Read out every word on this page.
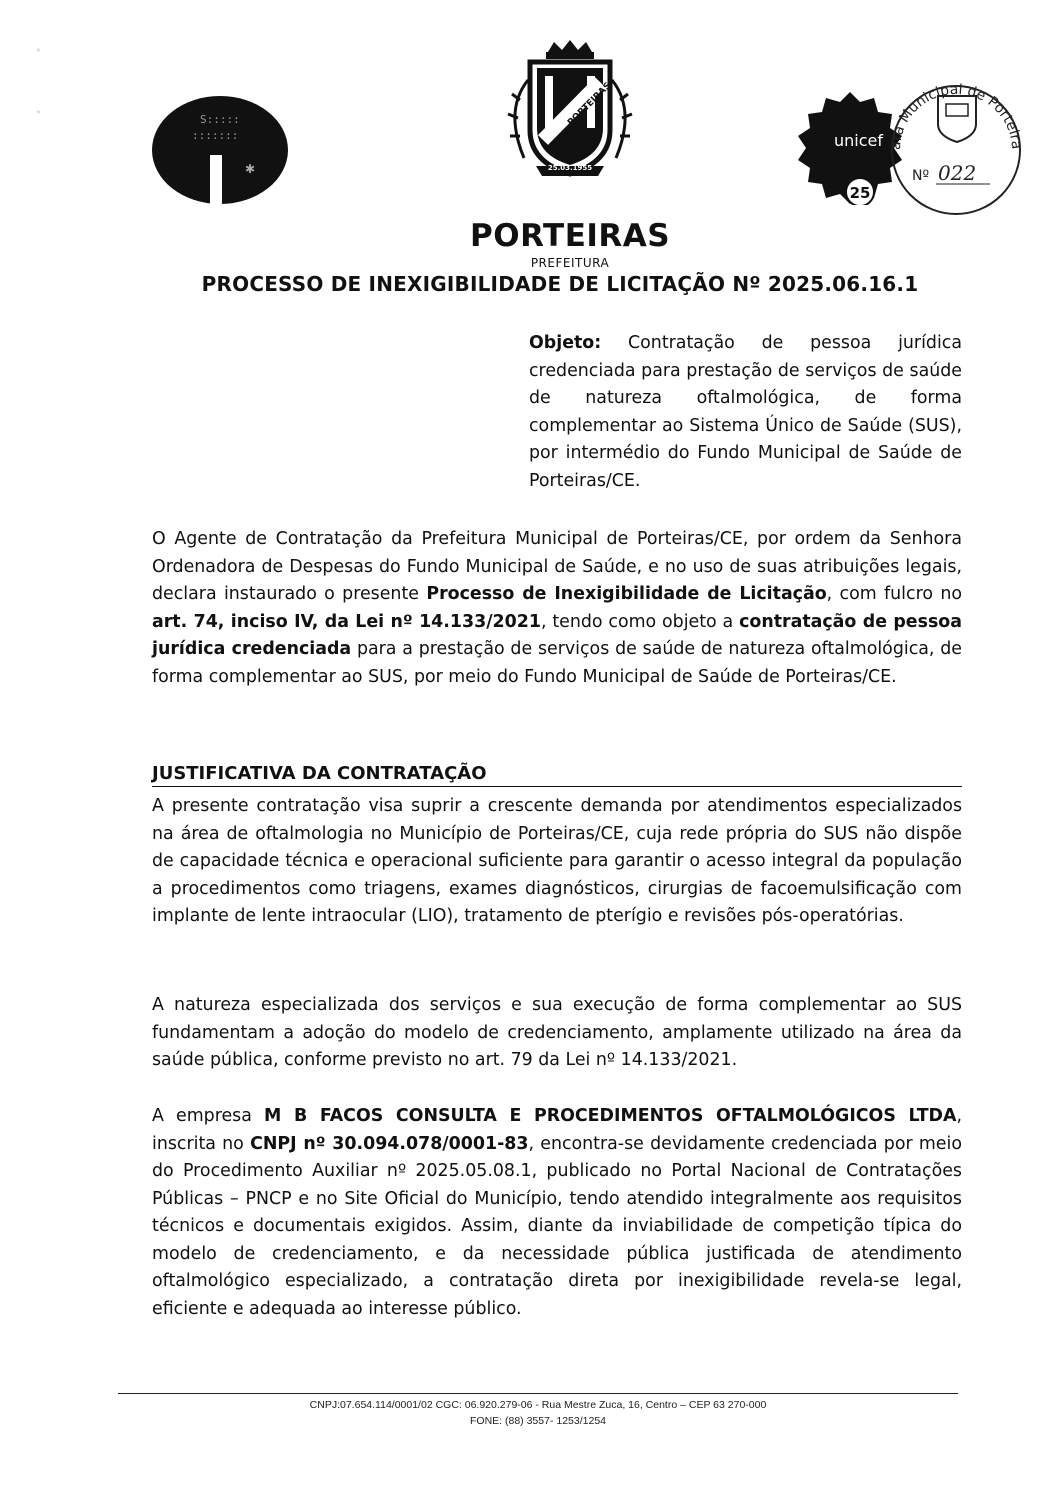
◦
◦
S:::::
:::::::
✱
PORTEIRAS
25.03.1955
PORTEIRAS
PREFEITURA
unicef
25
ara Municipal de Porteira
Nº 022
PROCESSO DE INEXIGIBILIDADE DE LICITAÇÃO Nº 2025.06.16.1
Objeto: Contratação de pessoa jurídica credenciada para prestação de serviços de saúde de natureza oftalmológica, de forma complementar ao Sistema Único de Saúde (SUS), por intermédio do Fundo Municipal de Saúde de Porteiras/CE.
O Agente de Contratação da Prefeitura Municipal de Porteiras/CE, por ordem da Senhora Ordenadora de Despesas do Fundo Municipal de Saúde, e no uso de suas atribuições legais, declara instaurado o presente Processo de Inexigibilidade de Licitação, com fulcro no art. 74, inciso IV, da Lei nº 14.133/2021, tendo como objeto a contratação de pessoa jurídica credenciada para a prestação de serviços de saúde de natureza oftalmológica, de forma complementar ao SUS, por meio do Fundo Municipal de Saúde de Porteiras/CE.
JUSTIFICATIVA DA CONTRATAÇÃO
A presente contratação visa suprir a crescente demanda por atendimentos especializados na área de oftalmologia no Município de Porteiras/CE, cuja rede própria do SUS não dispõe de capacidade técnica e operacional suficiente para garantir o acesso integral da população a procedimentos como triagens, exames diagnósticos, cirurgias de facoemulsificação com implante de lente intraocular (LIO), tratamento de pterígio e revisões pós-operatórias.
A natureza especializada dos serviços e sua execução de forma complementar ao SUS fundamentam a adoção do modelo de credenciamento, amplamente utilizado na área da saúde pública, conforme previsto no art. 79 da Lei nº 14.133/2021.
A empresa M B FACOS CONSULTA E PROCEDIMENTOS OFTALMOLÓGICOS LTDA, inscrita no CNPJ nº 30.094.078/0001-83, encontra-se devidamente credenciada por meio do Procedimento Auxiliar nº 2025.05.08.1, publicado no Portal Nacional de Contratações Públicas – PNCP e no Site Oficial do Município, tendo atendido integralmente aos requisitos técnicos e documentais exigidos. Assim, diante da inviabilidade de competição típica do modelo de credenciamento, e da necessidade pública justificada de atendimento oftalmológico especializado, a contratação direta por inexigibilidade revela-se legal, eficiente e adequada ao interesse público.
CNPJ:07.654.114/0001/02 CGC: 06.920.279-06 - Rua Mestre Zuca, 16, Centro – CEP 63 270-000
FONE: (88) 3557- 1253/1254
